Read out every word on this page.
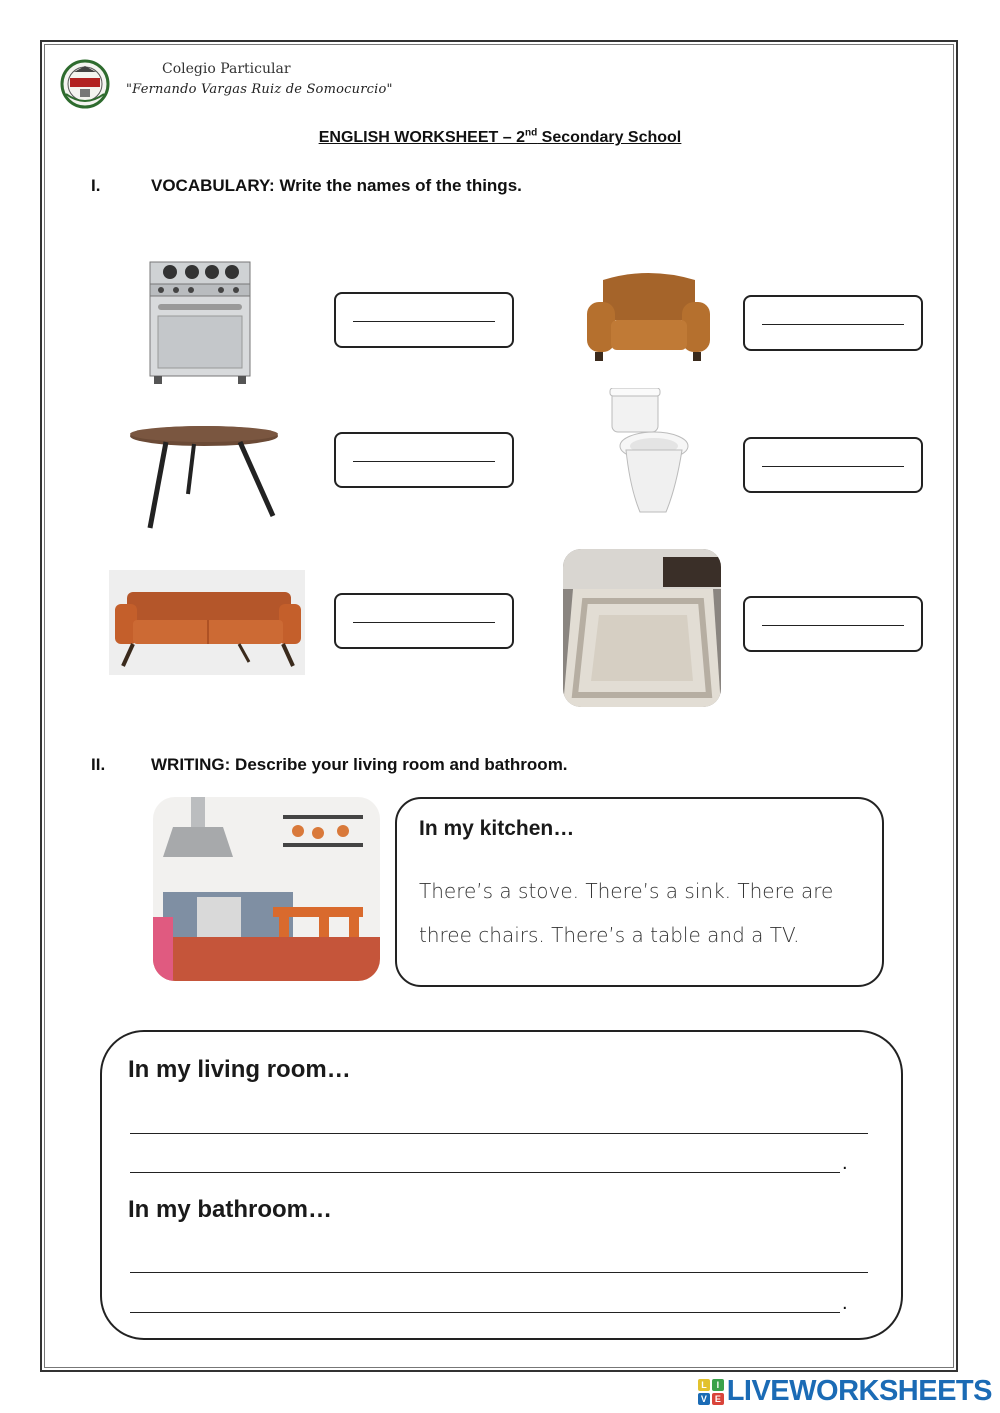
Colegio Particular
"Fernando Vargas Ruiz de Somocurcio"
ENGLISH WORKSHEET – 2nd Secondary School
I.	VOCABULARY: Write the names of the things.
II.	WRITING: Describe your living room and bathroom.
In my kitchen…
There’s a stove. There’s a sink. There are three chairs. There’s a table and a TV.
In my living room…
.
In my bathroom…
.
L	I
V E LIVEWORKSHEETS
